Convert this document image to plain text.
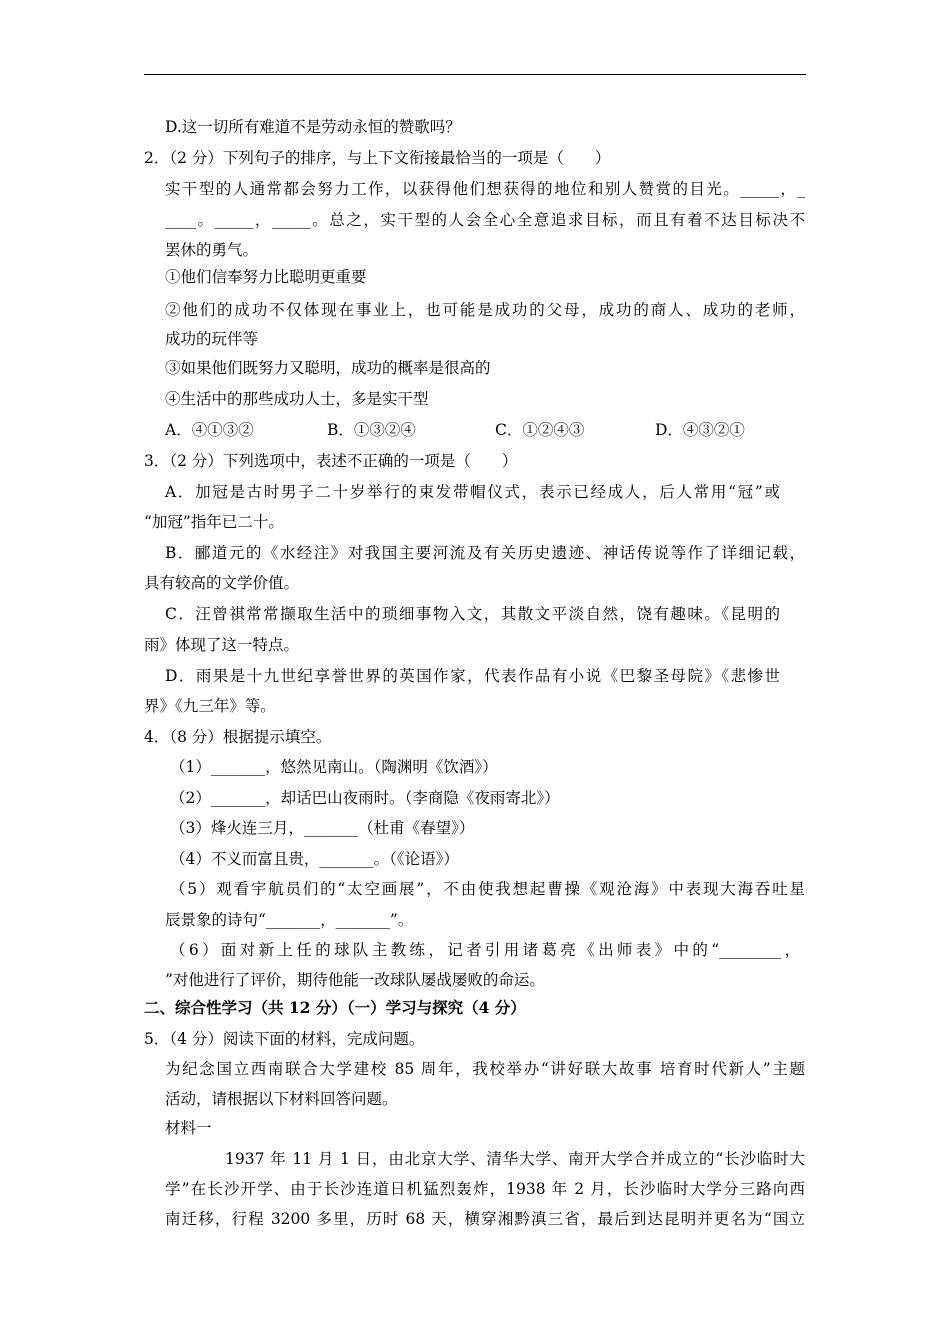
D.这一切所有难道不是劳动永恒的赞歌吗？
2．（2 分）下列句子的排序，与上下文衔接最恰当的一项是（　　）
实干型的人通常都会努力工作，以获得他们想获得的地位和别人赞赏的目光。_____，_
____。_____，_____。总之，实干型的人会全心全意追求目标，而且有着不达目标决不
罢休的勇气。
①他们信奉努力比聪明更重要
②他们的成功不仅体现在事业上，也可能是成功的父母，成功的商人、成功的老师，
成功的玩伴等
③如果他们既努力又聪明，成功的概率是很高的
④生活中的那些成功人士，多是实干型
A．④①③②	B．①③②④	C．①②④③	D．④③②①
3．（2 分）下列选项中，表述不正确的一项是（　　）
A．加冠是古时男子二十岁举行的束发带帽仪式，表示已经成人，后人常用“冠”或
“加冠”指年已二十。
B．郦道元的《水经注》对我国主要河流及有关历史遗迹、神话传说等作了详细记载，
具有较高的文学价值。
C．汪曾祺常常撷取生活中的琐细事物入文，其散文平淡自然，饶有趣味。《昆明的
雨》体现了这一特点。
D．雨果是十九世纪享誉世界的英国作家，代表作品有小说《巴黎圣母院》《悲惨世
界》《九三年》等。
4．（8 分）根据提示填空。
（1）_______，悠然见南山。（陶渊明《饮酒》）
（2）_______，却话巴山夜雨时。（李商隐《夜雨寄北》）
（3）烽火连三月，_______（杜甫《春望》）
（4）不义而富且贵，_______。（《论语》）
（5）观看宇航员们的“太空画展”，不由使我想起曹操《观沧海》中表现大海吞吐星
辰景象的诗句“_______，_______”。
（6）面对新上任的球队主教练，记者引用诸葛亮《出师表》中的“________，
”对他进行了评价，期待他能一改球队屡战屡败的命运。
二、综合性学习（共 12 分）（一）学习与探究（4 分）
5．（4 分）阅读下面的材料，完成问题。
为纪念国立西南联合大学建校 85 周年，我校举办“讲好联大故事 培育时代新人”主题
活动，请根据以下材料回答问题。
材料一
1937 年 11 月 1 日，由北京大学、清华大学、南开大学合并成立的“长沙临时大
学”在长沙开学、由于长沙连道日机猛烈轰炸，1938 年 2 月，长沙临时大学分三路向西
南迁移，行程 3200 多里，历时 68 天，横穿湘黔滇三省，最后到达昆明并更名为“国立
